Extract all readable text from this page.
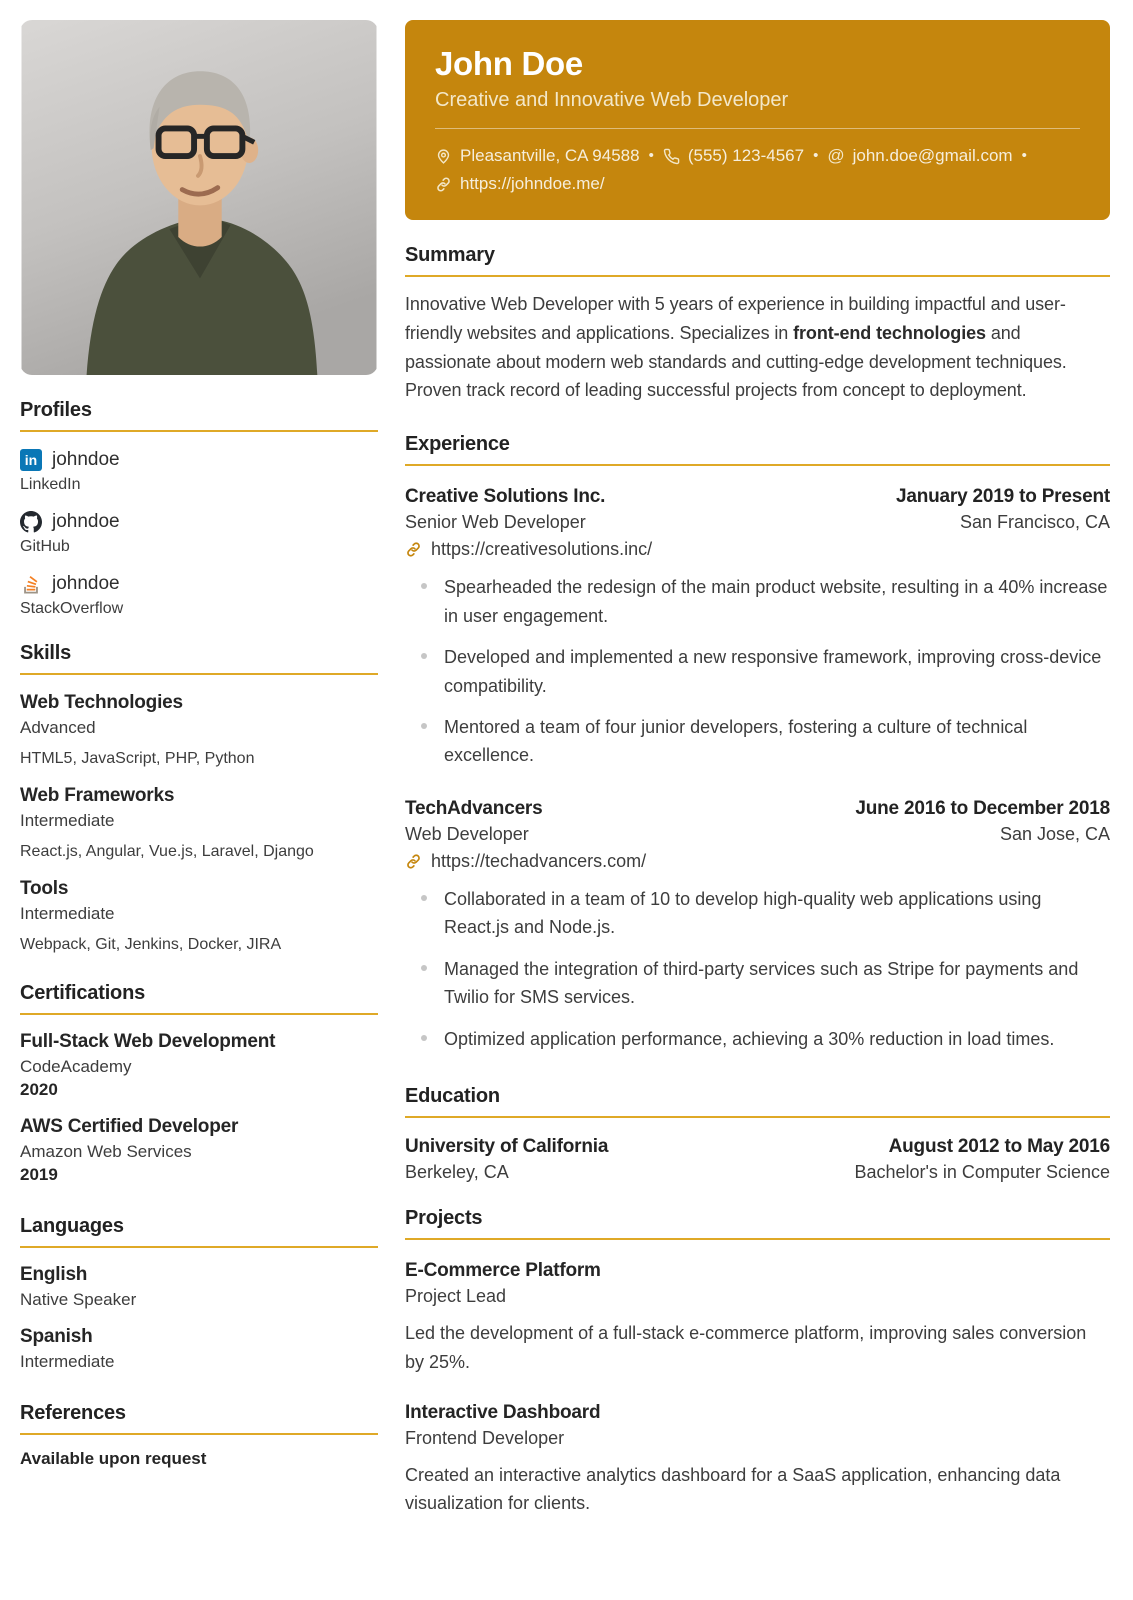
Profiles
in johndoe
LinkedIn
johndoe
GitHub
johndoe
StackOverflow
Skills
Web Technologies
Advanced
HTML5, JavaScript, PHP, Python
Web Frameworks
Intermediate
React.js, Angular, Vue.js, Laravel, Django
Tools
Intermediate
Webpack, Git, Jenkins, Docker, JIRA
Certifications
Full-Stack Web Development
CodeAcademy
2020
AWS Certified Developer
Amazon Web Services
2019
Languages
English
Native Speaker
Spanish
Intermediate
References
Available upon request
John Doe
Creative and Innovative Web Developer
Pleasantville, CA 94588 • (555) 123-4567 • @ john.doe@gmail.com •
https://johndoe.me/
Summary

Innovative Web Developer with 5 years of experience in building impactful and user-friendly websites and applications. Specializes in front-end technologies and passionate about modern web standards and cutting-edge development techniques. Proven track record of leading successful projects from concept to deployment.

Experience
Creative Solutions Inc.	January 2019 to Present
Senior Web Developer	San Francisco, CA
https://creativesolutions.inc/
Spearheaded the redesign of the main product website, resulting in a 40% increase in user engagement.
Developed and implemented a new responsive framework, improving cross-device compatibility.
Mentored a team of four junior developers, fostering a culture of technical excellence.
TechAdvancers	June 2016 to December 2018
Web Developer	San Jose, CA
https://techadvancers.com/
Collaborated in a team of 10 to develop high-quality web applications using React.js and Node.js.
Managed the integration of third-party services such as Stripe for payments and Twilio for SMS services.
Optimized application performance, achieving a 30% reduction in load times.
Education
University of California	August 2012 to May 2016
Berkeley, CA	Bachelor's in Computer Science
Projects
E-Commerce Platform
Project Lead

Led the development of a full-stack e-commerce platform, improving sales conversion by 25%.

Interactive Dashboard
Frontend Developer

Created an interactive analytics dashboard for a SaaS application, enhancing data visualization for clients.
